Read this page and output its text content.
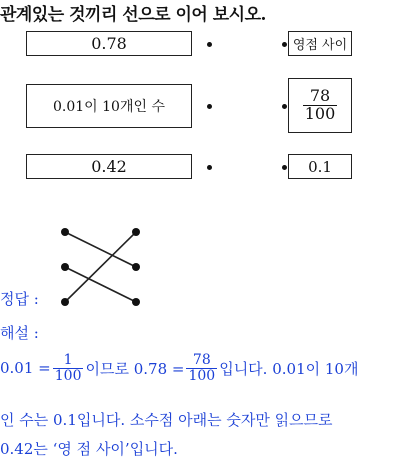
관계있는 것끼리 선으로 이어 보시오.
0.78
0.01이 10개인 수
0.42
영점 사이
$\frac{78}{100}$
0.1
정답 :
해설 :
$0.01 = \frac{1}{100}$ 이므로 $0.78 = \frac{78}{100}$ 입니다. 0.01이 10개
인 수는 0.1입니다. 소수점 아래는 숫자만 읽으므로
0.42는 ‘영 점 사이’입니다.
